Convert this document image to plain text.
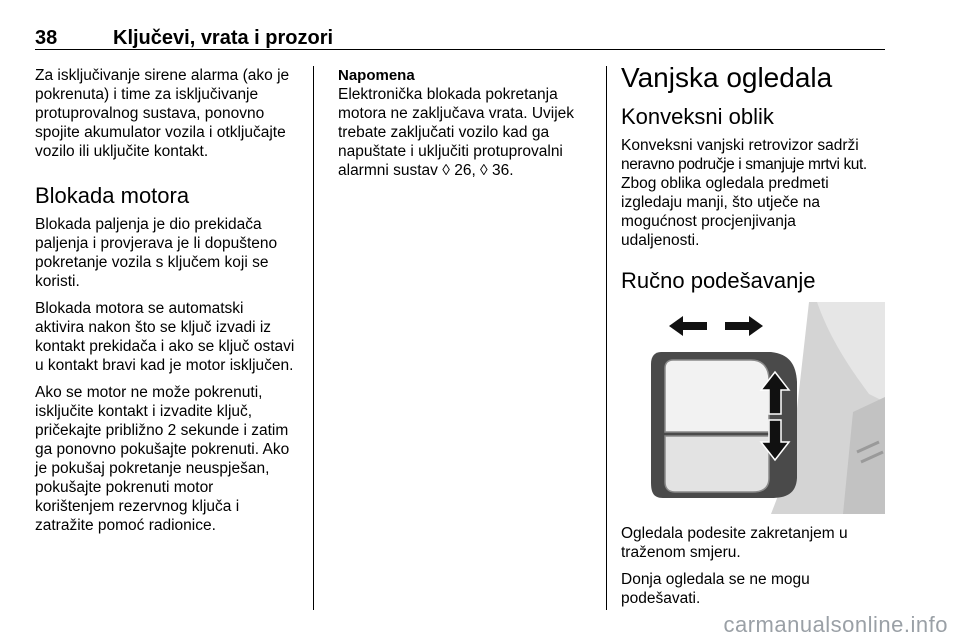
38	Ključevi, vrata i prozori

Za isključivanje sirene alarma (ako je
pokrenuta) i time za isključivanje
protuprovalnog sustava, ponovno
spojite akumulator vozila i otključajte
vozilo ili uključite kontakt.

Blokada motora

Blokada paljenja je dio prekidača
paljenja i provjerava je li dopušteno
pokretanje vozila s ključem koji se
koristi.

Blokada motora se automatski
aktivira nakon što se ključ izvadi iz
kontakt prekidača i ako se ključ ostavi
u kontakt bravi kad je motor isključen.

Ako se motor ne može pokrenuti,
isključite kontakt i izvadite ključ,
pričekajte približno 2 sekunde i zatim
ga ponovno pokušajte pokrenuti. Ako
je pokušaj pokretanje neuspješan,
pokušajte pokrenuti motor
korištenjem rezervnog ključa i
zatražite pomoć radionice.

Napomena

Elektronička blokada pokretanja
motora ne zaključava vrata. Uvijek
trebate zaključati vozilo kad ga
napuštate i uključiti protuprovalni
alarmni sustav ◊ 26, ◊ 36.

Vanjska ogledala
Konveksni oblik

Konveksni vanjski retrovizor sadrži
neravno područje i smanjuje mrtvi kut.
Zbog oblika ogledala predmeti
izgledaju manji, što utječe na
mogućnost procjenjivanja
udaljenosti.

Ručno podešavanje

Ogledala podesite zakretanjem u
traženom smjeru.

Donja ogledala se ne mogu
podešavati.

carmanualsonline.info
